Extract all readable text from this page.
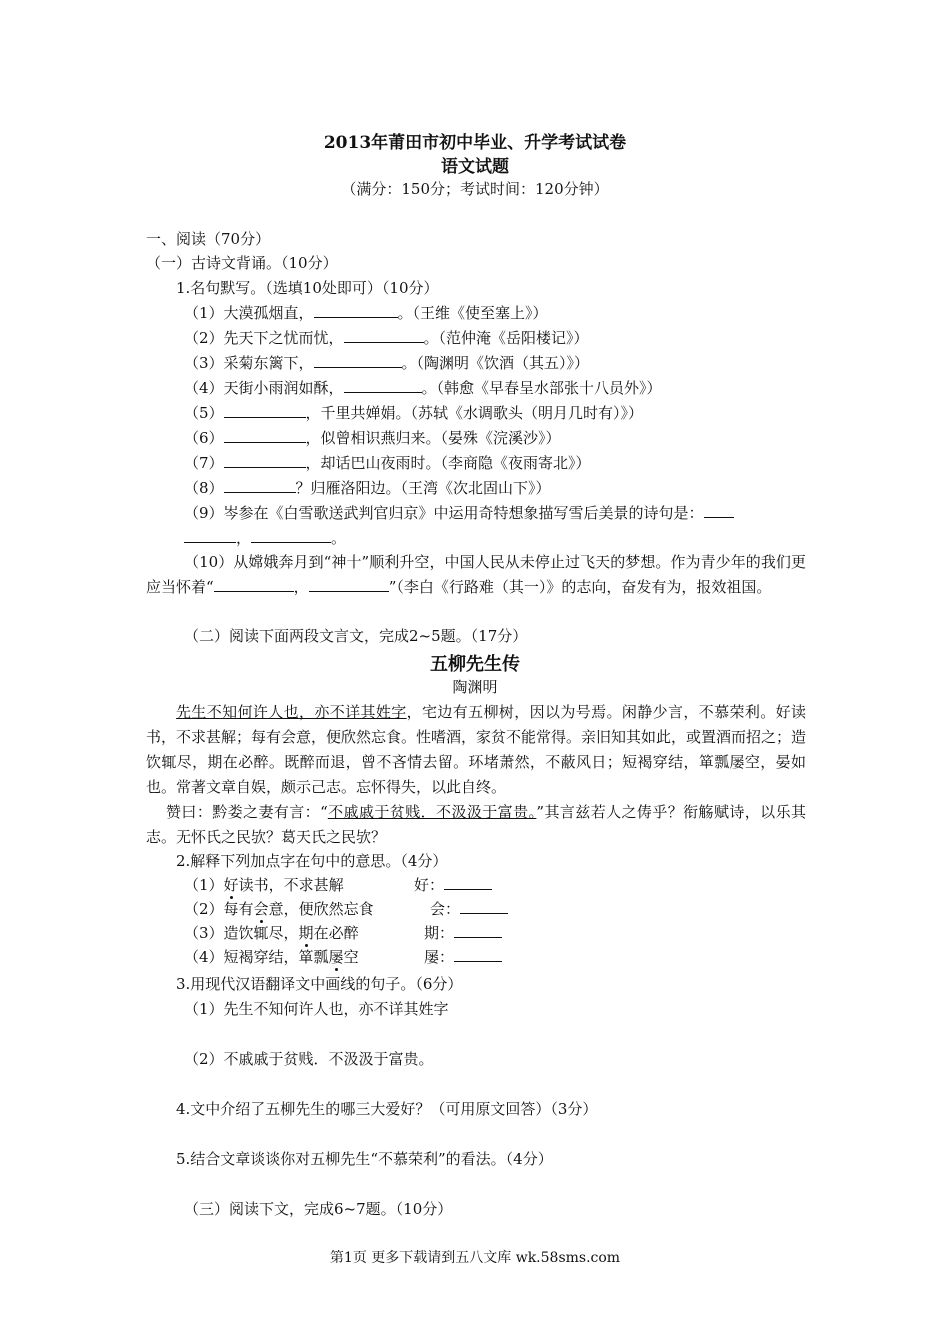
2013年莆田市初中毕业、升学考试试卷
语文试题
（满分：150分；考试时间：120分钟）
一、阅读（70分）
（一）古诗文背诵。（10分）
1.名句默写。（选填10处即可）（10分）
（1）大漠孤烟直，	。（王维《使至塞上》）
（2）先天下之忧而忧，	。（范仲淹《岳阳楼记》）
（3）采菊东篱下，	。（陶渊明《饮酒（其五）》）
（4）天街小雨润如酥，	。（韩愈《早春呈水部张十八员外》）
（5）	，千里共婵娟。（苏轼《水调歌头（明月几时有）》）
（6）	，似曾相识燕归来。（晏殊《浣溪沙》）
（7）	，却话巴山夜雨时。（李商隐《夜雨寄北》）
（8）	？归雁洛阳边。（王湾《次北固山下》）
（9）岑参在《白雪歌送武判官归京》中运用奇特想象描写雪后美景的诗句是：
，	。
（10）从嫦娥奔月到“神十”顺利升空，中国人民从未停止过飞天的梦想。作为青少年的我们更应当怀着“	，	”（李白《行路难（其一）》的志向，奋发有为，报效祖国。
（二）阅读下面两段文言文，完成2~5题。（17分）
五柳先生传
陶渊明
先生不知何许人也，亦不详其姓字，宅边有五柳树，因以为号焉。闲静少言，不慕荣利。好读书，不求甚解；每有会意，便欣然忘食。性嗜酒，家贫不能常得。亲旧知其如此，或置酒而招之；造饮辄尽，期在必醉。既醉而退，曾不吝情去留。环堵萧然，不蔽风日；短褐穿结，箪瓢屡空，晏如也。常著文章自娱，颇示己志。忘怀得失，以此自终。
赞曰：黔娄之妻有言：“不戚戚于贫贱．不汲汲于富贵。”其言兹若人之俦乎？衔觞赋诗，以乐其志。无怀氏之民欤？葛天氏之民欤？
2.解释下列加点字在句中的意思。（4分）
（1）好读书，不求甚解	好：
（2）每有会意，便欣然忘食	会：
（3）造饮辄尽，期在必醉	期：
（4）短褐穿结，箪瓢屡空	屡：
3.用现代汉语翻译文中画线的句子。（6分）
（1）先生不知何许人也，亦不详其姓字
（2）不戚戚于贫贱．不汲汲于富贵。
4.文中介绍了五柳先生的哪三大爱好？（可用原文回答）（3分）
5.结合文章谈谈你对五柳先生“不慕荣利”的看法。（4分）
（三）阅读下文，完成6~7题。（10分）
第1页 更多下载请到五八文库 wk.58sms.com
